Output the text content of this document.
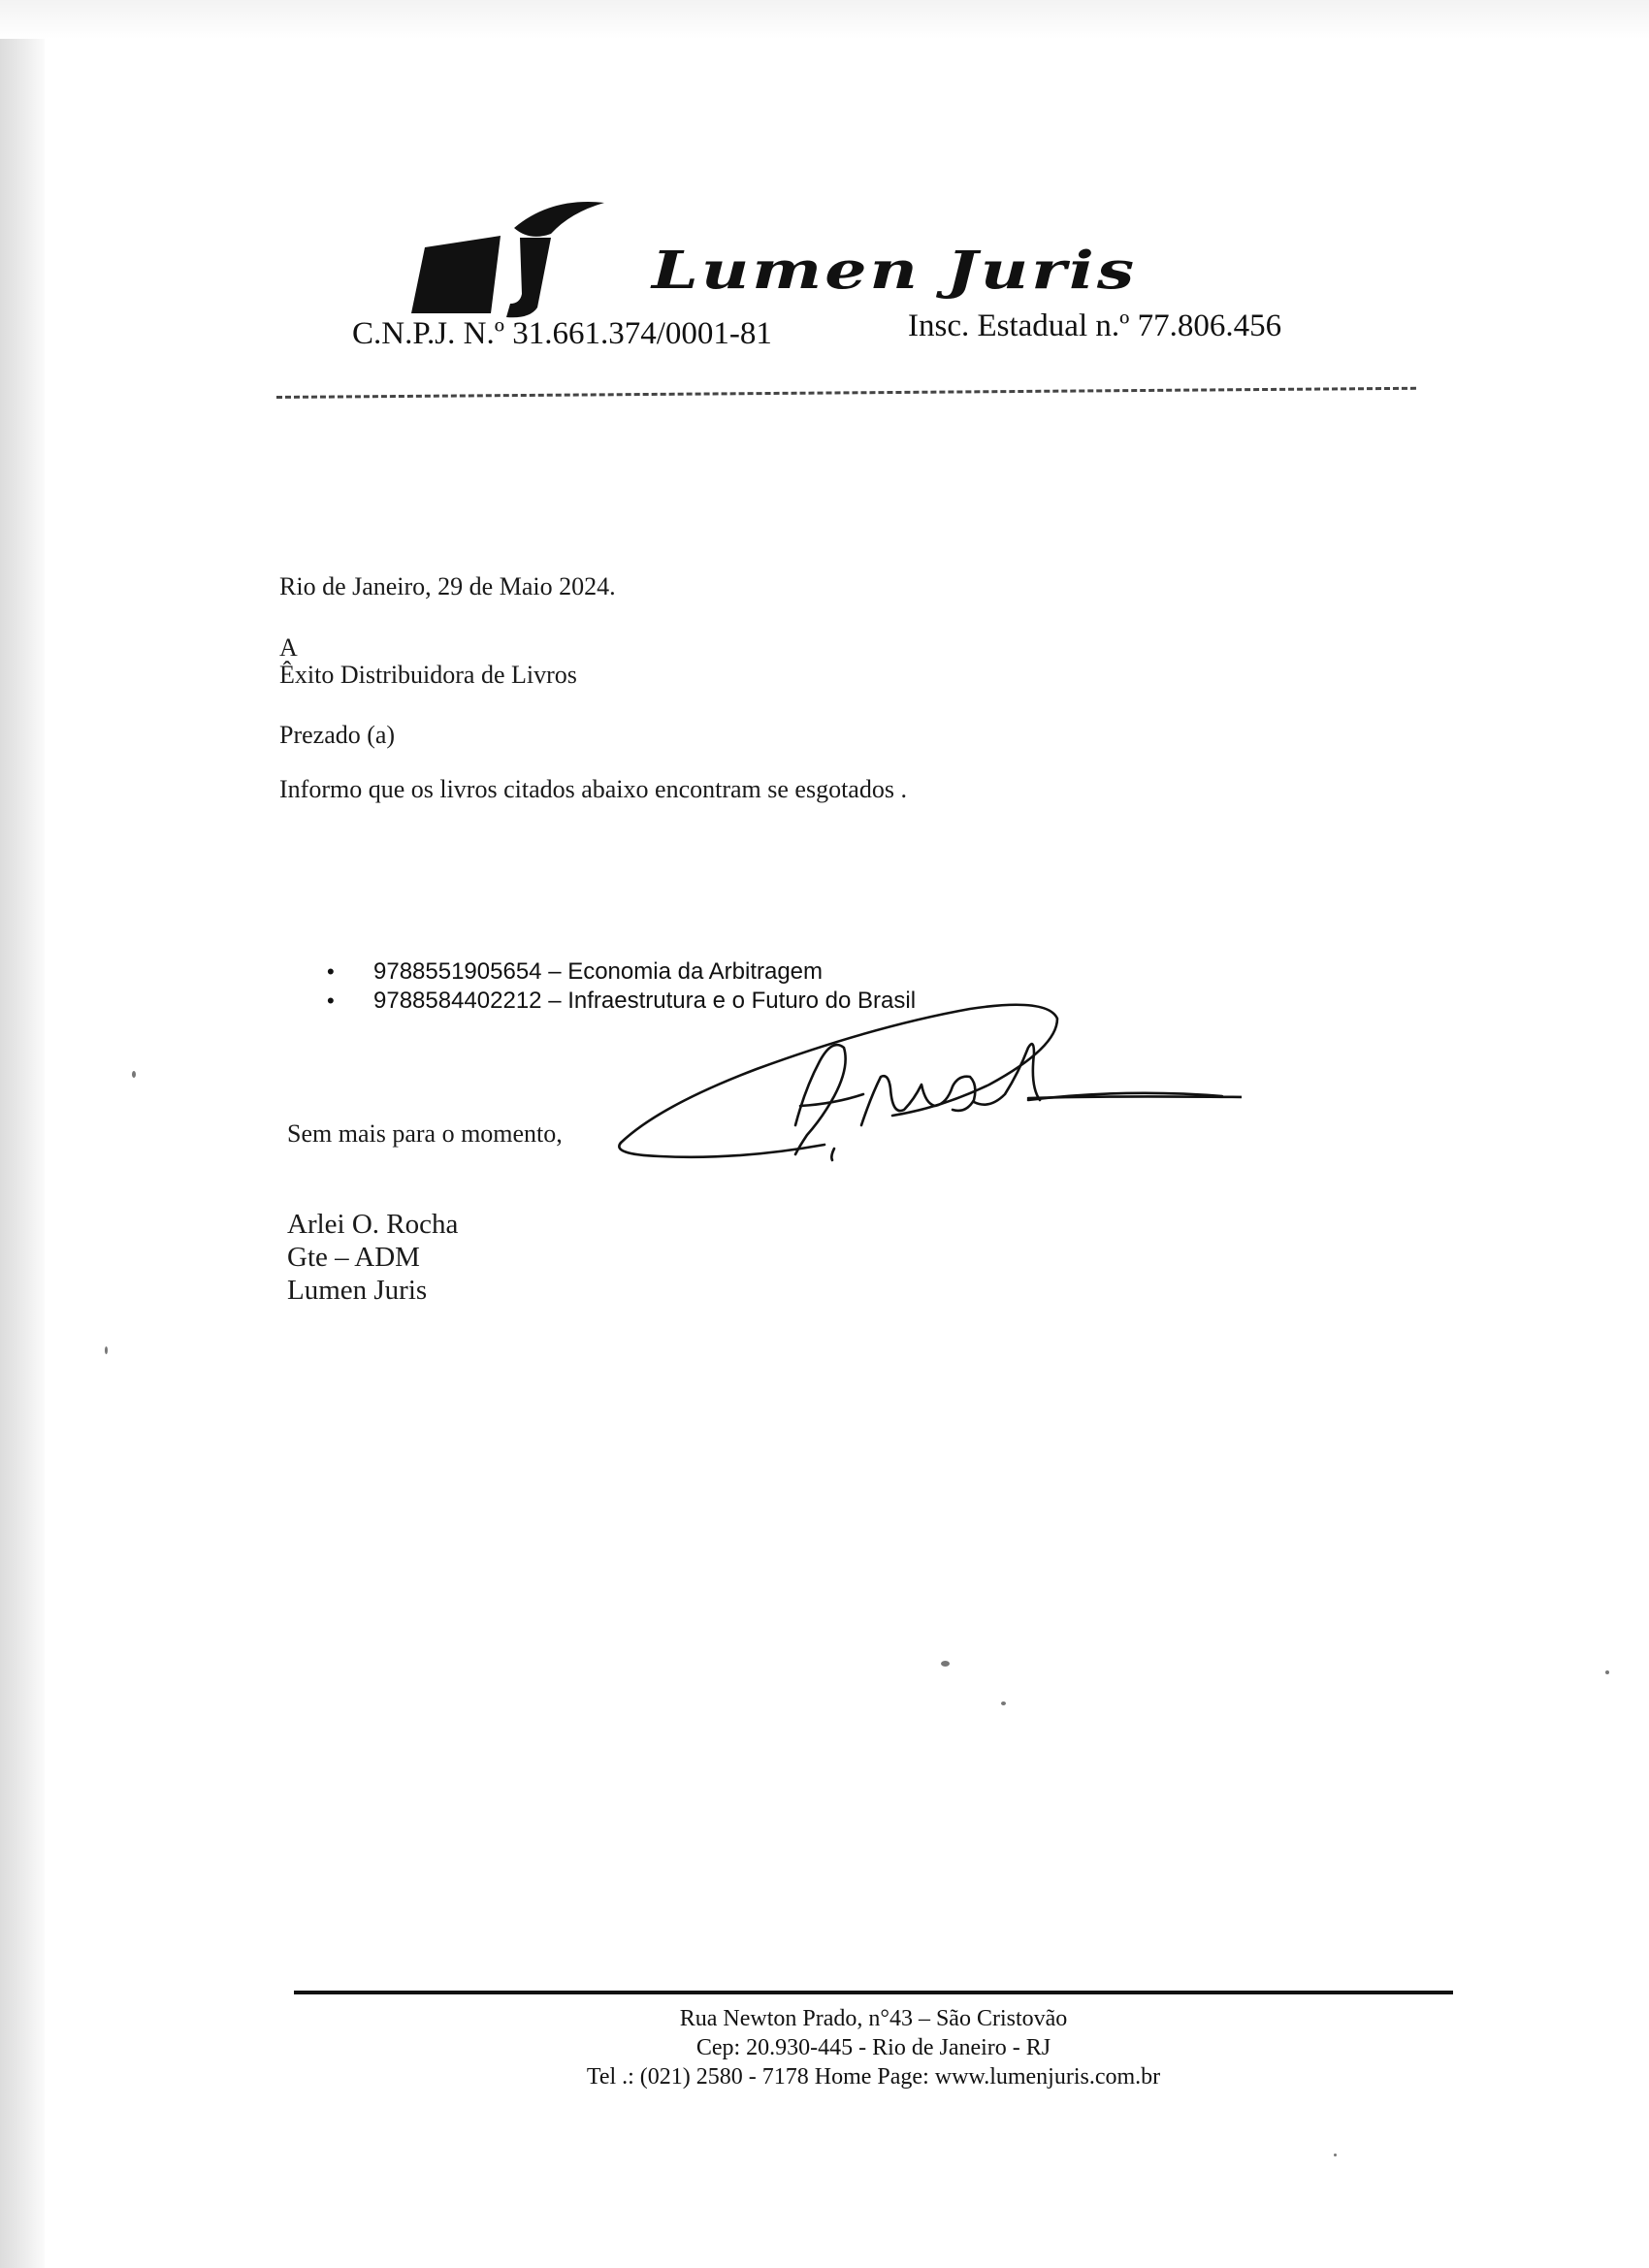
Lumen Juris
C.N.P.J. N.º 31.661.374/0001-81	Insc. Estadual n.º 77.806.456
Rio de Janeiro, 29 de Maio 2024.
A
Êxito Distribuidora de Livros
Prezado (a)
Informo que os livros citados abaixo encontram se esgotados .
• 9788551905654 – Economia da Arbitragem
• 9788584402212 – Infraestrutura e o Futuro do Brasil
Sem mais para o momento,
Arlei O. Rocha
Gte – ADM
Lumen Juris
Rua Newton Prado, n°43 – São Cristovão
Cep: 20.930-445 - Rio de Janeiro - RJ
Tel .: (021) 2580 - 7178 Home Page: www.lumenjuris.com.br
